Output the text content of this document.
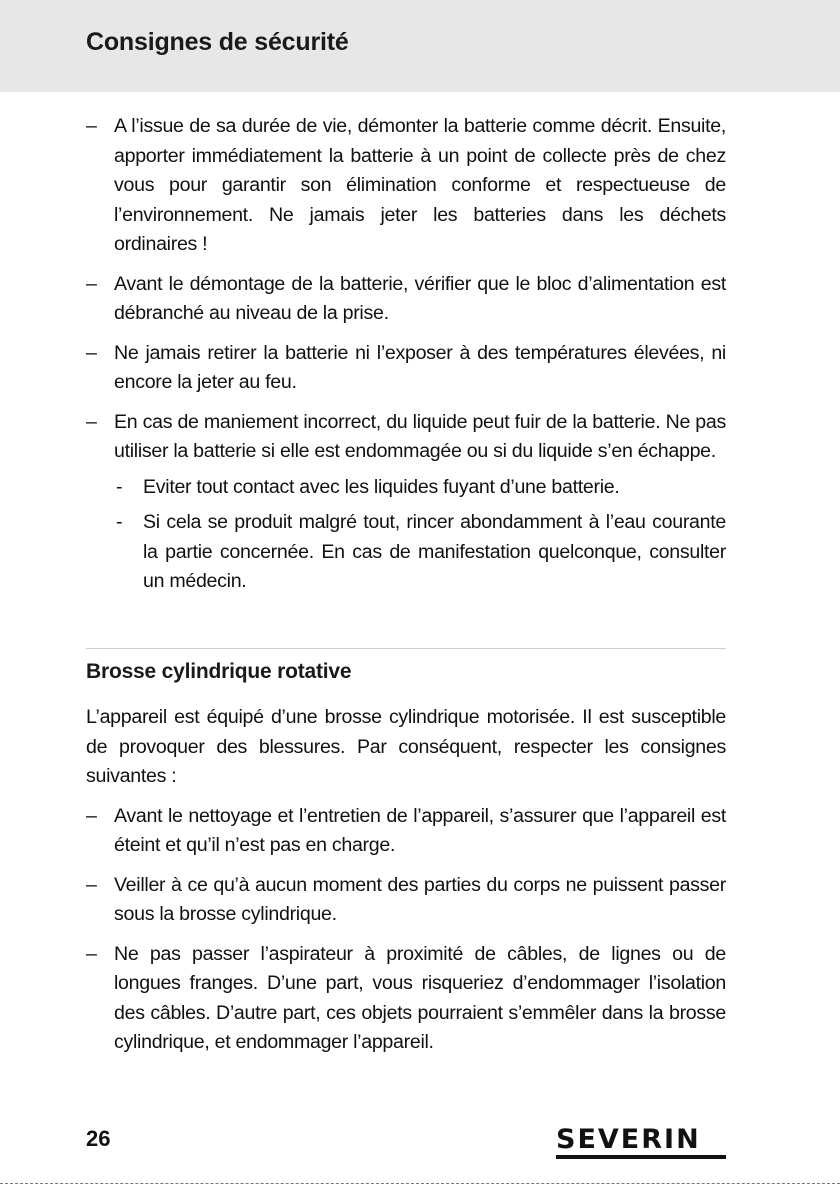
Consignes de sécurité
– A l’issue de sa durée de vie, démonter la batterie comme décrit. Ensuite, apporter immédiatement la batterie à un point de collecte près de chez vous pour garantir son élimination conforme et respectueuse de l’environnement. Ne jamais jeter les batteries dans les déchets ordinaires !
– Avant le démontage de la batterie, vérifier que le bloc d’alimentation est débranché au niveau de la prise.
– Ne jamais retirer la batterie ni l’exposer à des températures élevées, ni encore la jeter au feu.
– En cas de maniement incorrect, du liquide peut fuir de la batterie. Ne pas utiliser la batterie si elle est endommagée ou si du liquide s’en échappe.
- Eviter tout contact avec les liquides fuyant d’une batterie.
- Si cela se produit malgré tout, rincer abondamment à l’eau courante la partie concernée. En cas de manifestation quelconque, consulter un médecin.
Brosse cylindrique rotative
L’appareil est équipé d’une brosse cylindrique motorisée. Il est susceptible de provoquer des blessures. Par conséquent, respecter les consignes suivantes :
– Avant le nettoyage et l’entretien de l’appareil, s’assurer que l’appareil est éteint et qu’il n’est pas en charge.
– Veiller à ce qu’à aucun moment des parties du corps ne puissent passer sous la brosse cylindrique.
– Ne pas passer l’aspirateur à proximité de câbles, de lignes ou de longues franges. D’une part, vous risqueriez d’endommager l’isolation des câbles. D’autre part, ces objets pourraient s’emmêler dans la brosse cylindrique, et endommager l’appareil.
26	SEVERIN
